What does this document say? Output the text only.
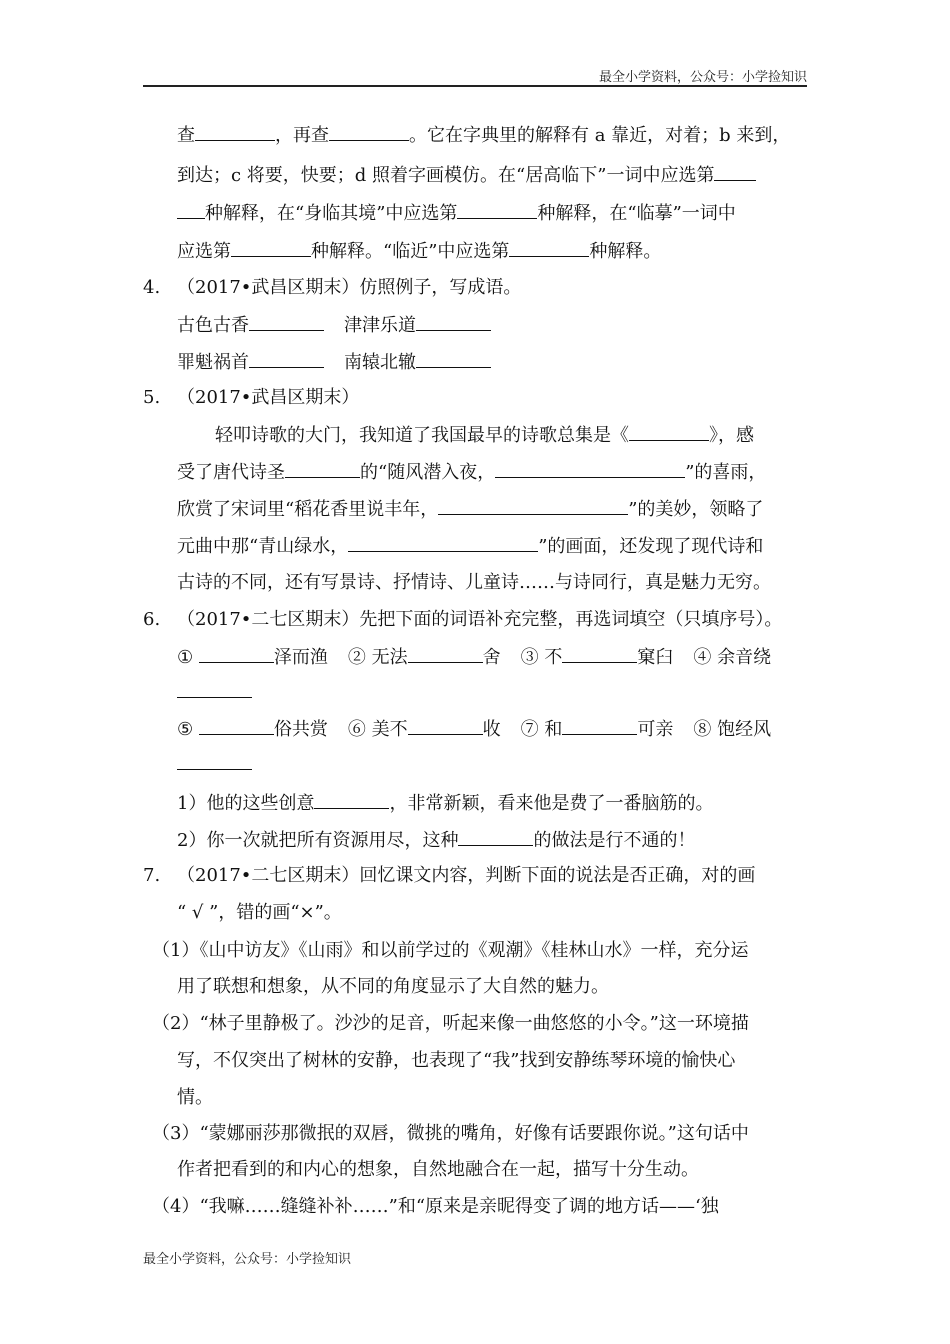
最全小学资料，公众号：小学捡知识
查	，再查	。它在字典里的解释有 a 靠近，对着；b 来到，
到达；c 将要，快要；d 照着字画模仿。在“居高临下”一词中应选第
种解释，在“身临其境”中应选第	种解释，在“临摹”一词中
应选第	种解释。“临近”中应选第	种解释。
4. （2017•武昌区期末）仿照例子，写成语。
古色古香	津津乐道
罪魁祸首	南辕北辙
5. （2017•武昌区期末）
轻叩诗歌的大门，我知道了我国最早的诗歌总集是《	》，感
受了唐代诗圣	的“随风潜入夜，	”的喜雨，
欣赏了宋词里“稻花香里说丰年，	”的美妙，领略了
元曲中那“青山绿水，	”的画面，还发现了现代诗和
古诗的不同，还有写景诗、抒情诗、儿童诗……与诗同行，真是魅力无穷。
6. （2017•二七区期末）先把下面的词语补充完整，再选词填空（只填序号）。
①	泽而渔 ② 无法	舍 ③ 不	窠臼 ④ 余音绕
⑤	俗共赏 ⑥ 美不	收 ⑦ 和	可亲 ⑧ 饱经风
1）他的这些创意	，非常新颖，看来他是费了一番脑筋的。
2）你一次就把所有资源用尽，这种	的做法是行不通的！
7. （2017•二七区期末）回忆课文内容，判断下面的说法是否正确，对的画
“ √ ”，错的画“×”。
（1）《山中访友》《山雨》和以前学过的《观潮》《桂林山水》一样，充分运
用了联想和想象，从不同的角度显示了大自然的魅力。
（2）“林子里静极了。沙沙的足音，听起来像一曲悠悠的小令。”这一环境描
写，不仅突出了树林的安静，也表现了“我”找到安静练琴环境的愉快心
情。
（3）“蒙娜丽莎那微抿的双唇，微挑的嘴角，好像有话要跟你说。”这句话中
作者把看到的和内心的想象，自然地融合在一起，描写十分生动。
（4）“我嘛……缝缝补补……”和“原来是亲昵得变了调的地方话——‘独
最全小学资料，公众号：小学捡知识
